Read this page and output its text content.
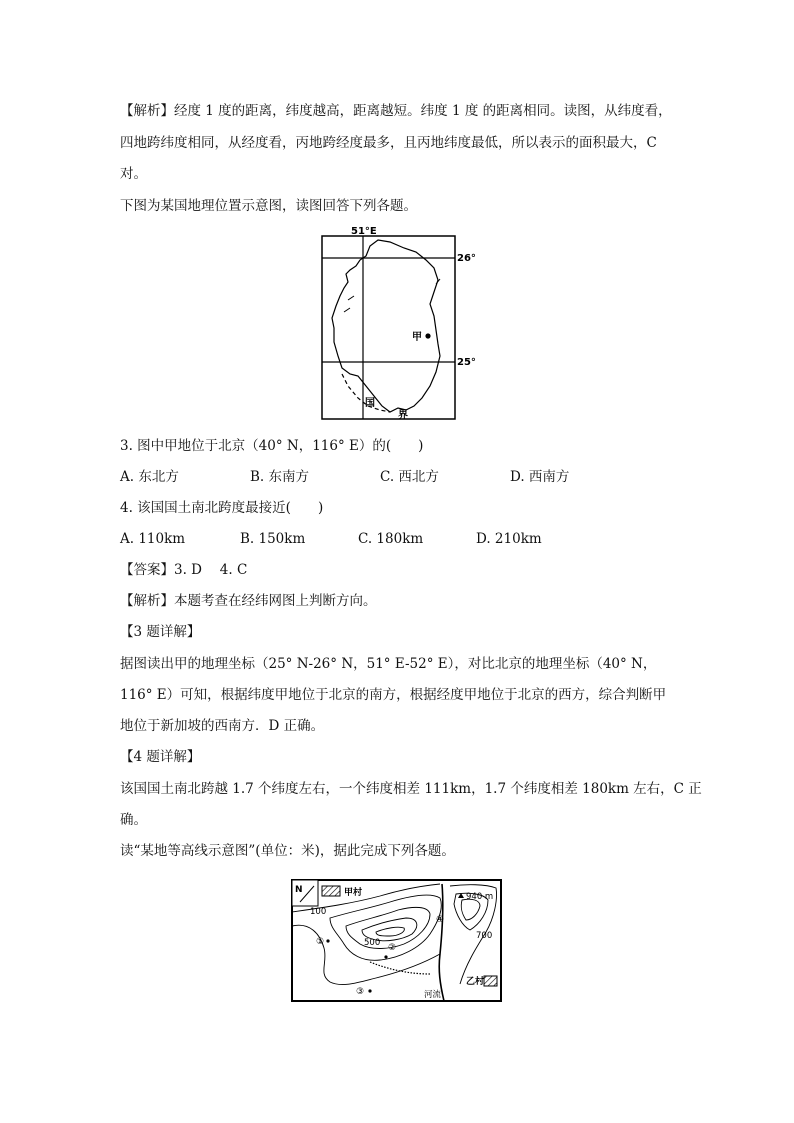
【解析】经度 1 度的距离，纬度越高，距离越短。纬度 1 度 的距离相同。读图，从纬度看，
四地跨纬度相同，从经度看，丙地跨经度最多，且丙地纬度最低，所以表示的面积最大，C
对。
下图为某国地理位置示意图，读图回答下列各题。
甲
51°E
26°
25°
国
界
3. 图中甲地位于北京（40° N，116° E）的(　　)
A. 东北方	B. 东南方	C. 西北方	D. 西南方
4. 该国国土南北跨度最接近(　　)
A. 110km	B. 150km	C. 180km	D. 210km
【答案】3. D　 4. C
【解析】本题考查在经纬网图上判断方向。
【3 题详解】
据图读出甲的地理坐标（25° N-26° N，51° E-52° E），对比北京的地理坐标（40° N，
116° E）可知，根据纬度甲地位于北京的南方，根据经度甲地位于北京的西方，综合判断甲
地位于新加坡的西南方．D 正确。
【4 题详解】
该国国土南北跨越 1.7 个纬度左右，一个纬度相差 111km，1.7 个纬度相差 180km 左右，C 正
确。
读“某地等高线示意图”(单位：米)，据此完成下列各题。
N	甲村
乙村
100
500
700
940 m
河流
①
②
③
④
